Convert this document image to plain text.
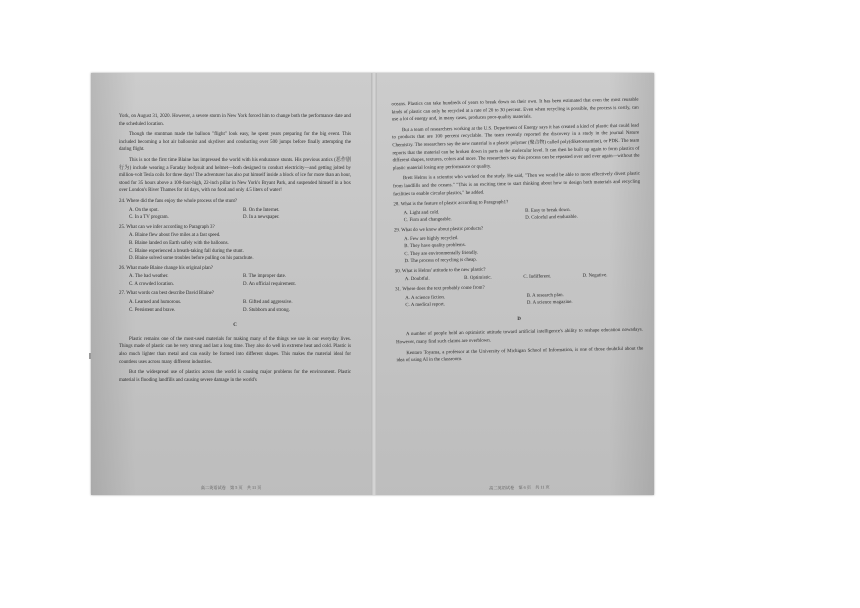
York, on August 31, 2020. However, a severe storm in New York forced him to change both the performance date and the scheduled location.

Though the stuntman made the balloon "flight" look easy, he spent years preparing for the big event. This included becoming a hot air balloonist and skydiver and conducting over 500 jumps before finally attempting the daring flight.

This is not the first time Blaine has impressed the world with his endurance stunts. His previous antics (恶作剧行为) include wearing a Faraday bodysuit and helmet—both designed to conduct electricity—and getting jolted by million-volt Tesla coils for three days! The adventurer has also put himself inside a block of ice for more than an hour, stood for 35 hours above a 100-foot-high, 22-inch pillar in New York's Bryant Park, and suspended himself in a box over London's River Thames for 44 days, with no food and only 4.5 liters of water!

24. Where did the fans enjoy the whole process of the stunt?
A. On the spot.	B. On the Internet.
C. In a TV program.	D. In a newspaper.
25. What can we infer according to Paragraph 3?
A. Blaine flew about five miles at a fast speed.
B. Blaine landed on Earth safely with the balloons.
C. Blaine experienced a breath-taking fall during the stunt.
D. Blaine solved some troubles before pulling on his parachute.
26. What made Blaine change his original plan?
A. The bad weather.	B. The improper date.
C. A crowded location.	D. An official requirement.
27. What words can best describe David Blaine?
A. Learned and humorous.	B. Gifted and aggressive.
C. Persistent and brave.	D. Stubborn and strong.
C

Plastic remains one of the most-used materials for making many of the things we use in our everyday lives. Things made of plastic can be very strong and last a long time. They also do well in extreme heat and cold. Plastic is also much lighter than metal and can easily be formed into different shapes. This makes the material ideal for countless uses across many different industries.

But the widespread use of plastics across the world is causing major problems for the environment. Plastic material is flooding landfills and causing severe damage in the world's

高二英语试卷　第 5 页　共 11 页

oceans. Plastics can take hundreds of years to break down on their own. It has been estimated that even the most reusable kinds of plastic can only be recycled at a rate of 20 to 30 percent. Even when recycling is possible, the process is costly, can use a lot of energy and, in many cases, produces poor-quality materials.

But a team of researchers working at the U.S. Department of Energy says it has created a kind of plastic that could lead to products that are 100 percent recyclable. The team recently reported the discovery in a study in the journal Nature Chemistry. The researchers say the new material is a plastic polymer (聚合物) called poly(diketoenamine), or PDK. The team reports that the material can be broken down in parts at the molecular level. It can then be built up again to form plastics of different shapes, textures, colors and more. The researchers say this process can be repeated over and over again—without the plastic material losing any performance or quality.

Brett Helms is a scientist who worked on the study. He said, "Then we would be able to more effectively divert plastic from landfills and the oceans." "This is an exciting time to start thinking about how to design both materials and recycling facilities to enable circular plastics," he added.

28. What is the feature of plastic according to Paragraph1?
A. Light and cold.	B. Easy to break down.
C. Firm and changeable.	D. Colorful and endurable.
29. What do we know about plastic products?
A. Few are highly recycled.
B. They have quality problems.
C. They are environmentally friendly.
D. The process of recycling is cheap.
30. What is Helms' attitude to the new plastic?
A. Doubtful.	B. Optimistic.	C. Indifferent.	D. Negative.
31. Where does the text probably come from?
A. A science fiction.	B. A research plan.
C. A medical report.	D. A science magazine.
D

A number of people hold an optimistic attitude toward artificial intelligence's ability to reshape education nowadays. However, many find such claims are overblown.

Kentaro Toyama, a professor at the University of Michigan School of Information, is one of those doubtful about the idea of using AI in the classroom.

高二英语试卷　第 6 页　共 11 页
